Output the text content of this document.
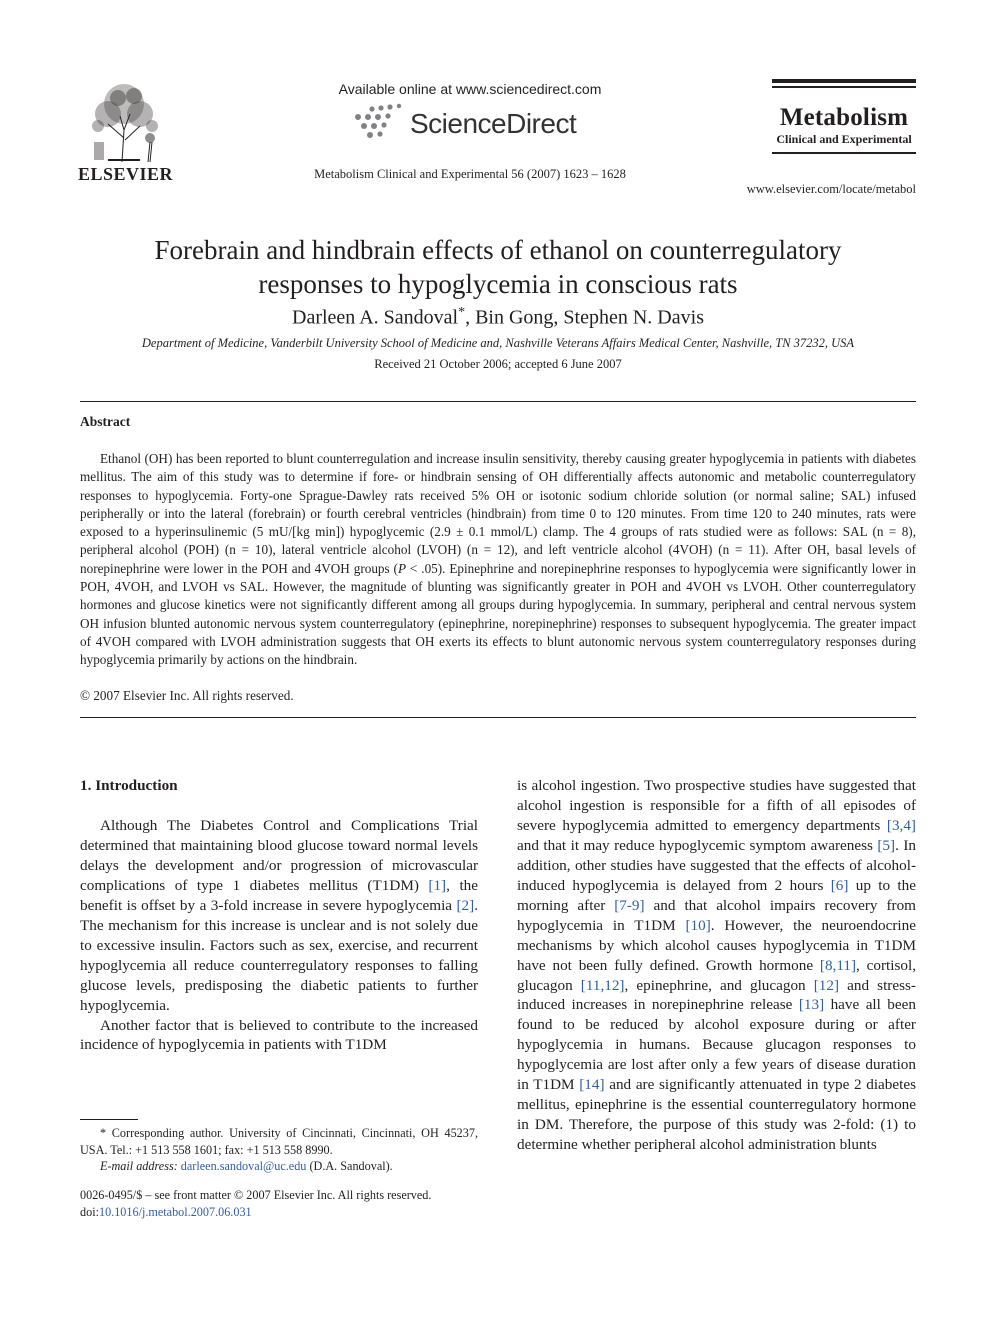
ELSEVIER
Available online at www.sciencedirect.com
ScienceDirect
Metabolism Clinical and Experimental 56 (2007) 1623 – 1628
Metabolism
Clinical and Experimental
www.elsevier.com/locate/metabol
Forebrain and hindbrain effects of ethanol on counterregulatory
responses to hypoglycemia in conscious rats
Darleen A. Sandoval*, Bin Gong, Stephen N. Davis
Department of Medicine, Vanderbilt University School of Medicine and, Nashville Veterans Affairs Medical Center, Nashville, TN 37232, USA
Received 21 October 2006; accepted 6 June 2007
Abstract

Ethanol (OH) has been reported to blunt counterregulation and increase insulin sensitivity, thereby causing greater hypoglycemia in patients with diabetes mellitus. The aim of this study was to determine if fore- or hindbrain sensing of OH differentially affects autonomic and metabolic counterregulatory responses to hypoglycemia. Forty-one Sprague-Dawley rats received 5% OH or isotonic sodium chloride solution (or normal saline; SAL) infused peripherally or into the lateral (forebrain) or fourth cerebral ventricles (hindbrain) from time 0 to 120 minutes. From time 120 to 240 minutes, rats were exposed to a hyperinsulinemic (5 mU/[kg min]) hypoglycemic (2.9 ± 0.1 mmol/L) clamp. The 4 groups of rats studied were as follows: SAL (n = 8), peripheral alcohol (POH) (n = 10), lateral ventricle alcohol (LVOH) (n = 12), and left ventricle alcohol (4VOH) (n = 11). After OH, basal levels of norepinephrine were lower in the POH and 4VOH groups (P < .05). Epinephrine and norepinephrine responses to hypoglycemia were significantly lower in POH, 4VOH, and LVOH vs SAL. However, the magnitude of blunting was significantly greater in POH and 4VOH vs LVOH. Other counterregulatory hormones and glucose kinetics were not significantly different among all groups during hypoglycemia. In summary, peripheral and central nervous system OH infusion blunted autonomic nervous system counterregulatory (epinephrine, norepinephrine) responses to subsequent hypoglycemia. The greater impact of 4VOH compared with LVOH administration suggests that OH exerts its effects to blunt autonomic nervous system counterregulatory responses during hypoglycemia primarily by actions on the hindbrain.

© 2007 Elsevier Inc. All rights reserved.
1. Introduction

Although The Diabetes Control and Complications Trial determined that maintaining blood glucose toward normal levels delays the development and/or progression of microvascular complications of type 1 diabetes mellitus (T1DM) [1], the benefit is offset by a 3-fold increase in severe hypoglycemia [2]. The mechanism for this increase is unclear and is not solely due to excessive insulin. Factors such as sex, exercise, and recurrent hypoglycemia all reduce counterregulatory responses to falling glucose levels, predisposing the diabetic patients to further hypoglycemia.

Another factor that is believed to contribute to the increased incidence of hypoglycemia in patients with T1DM

is alcohol ingestion. Two prospective studies have suggested that alcohol ingestion is responsible for a fifth of all episodes of severe hypoglycemia admitted to emergency departments [3,4] and that it may reduce hypoglycemic symptom awareness [5]. In addition, other studies have suggested that the effects of alcohol-induced hypoglycemia is delayed from 2 hours [6] up to the morning after [7-9] and that alcohol impairs recovery from hypoglycemia in T1DM [10]. However, the neuroendocrine mechanisms by which alcohol causes hypoglycemia in T1DM have not been fully defined. Growth hormone [8,11], cortisol, glucagon [11,12], epinephrine, and glucagon [12] and stress-induced increases in norepinephrine release [13] have all been found to be reduced by alcohol exposure during or after hypoglycemia in humans. Because glucagon responses to hypoglycemia are lost after only a few years of disease duration in T1DM [14] and are significantly attenuated in type 2 diabetes mellitus, epinephrine is the essential counterregulatory hormone in DM. Therefore, the purpose of this study was 2-fold: (1) to determine whether peripheral alcohol administration blunts

* Corresponding author. University of Cincinnati, Cincinnati, OH 45237, USA. Tel.: +1 513 558 1601; fax: +1 513 558 8990.

E-mail address: darleen.sandoval@uc.edu (D.A. Sandoval).

0026-0495/$ – see front matter © 2007 Elsevier Inc. All rights reserved.

doi:10.1016/j.metabol.2007.06.031
